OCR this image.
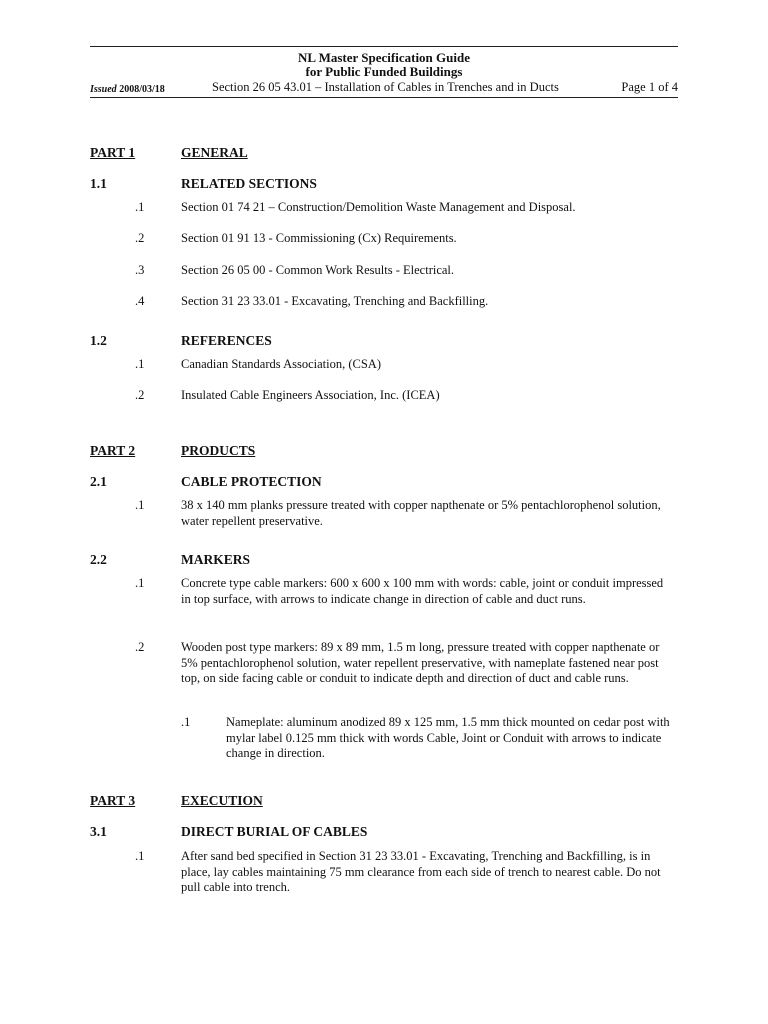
NL Master Specification Guide
for Public Funded Buildings
Issued 2008/03/18	Section 26 05 43.01 – Installation of Cables in Trenches and in Ducts	Page 1 of 4
PART 1	GENERAL
1.1	RELATED SECTIONS
.1	Section 01 74 21 – Construction/Demolition Waste Management and Disposal.
.2	Section 01 91 13 - Commissioning (Cx) Requirements.
.3	Section 26 05 00 - Common Work Results - Electrical.
.4	Section 31 23 33.01 - Excavating, Trenching and Backfilling.
1.2	REFERENCES
.1	Canadian Standards Association, (CSA)
.2	Insulated Cable Engineers Association, Inc. (ICEA)
PART 2	PRODUCTS
2.1	CABLE PROTECTION
.1	38 x 140 mm planks pressure treated with copper napthenate or 5% pentachlorophenol solution, water repellent preservative.
2.2	MARKERS
.1	Concrete type cable markers: 600 x 600 x 100 mm with words: cable, joint or conduit impressed in top surface, with arrows to indicate change in direction of cable and duct runs.
.2	Wooden post type markers: 89 x 89 mm, 1.5 m long, pressure treated with copper napthenate or 5% pentachlorophenol solution, water repellent preservative, with nameplate fastened near post top, on side facing cable or conduit to indicate depth and direction of duct and cable runs.
.1	Nameplate: aluminum anodized 89 x 125 mm, 1.5 mm thick mounted on cedar post with mylar label 0.125 mm thick with words Cable, Joint or Conduit with arrows to indicate change in direction.
PART 3	EXECUTION
3.1	DIRECT BURIAL OF CABLES
.1	After sand bed specified in Section 31 23 33.01 - Excavating, Trenching and Backfilling, is in place, lay cables maintaining 75 mm clearance from each side of trench to nearest cable. Do not pull cable into trench.
